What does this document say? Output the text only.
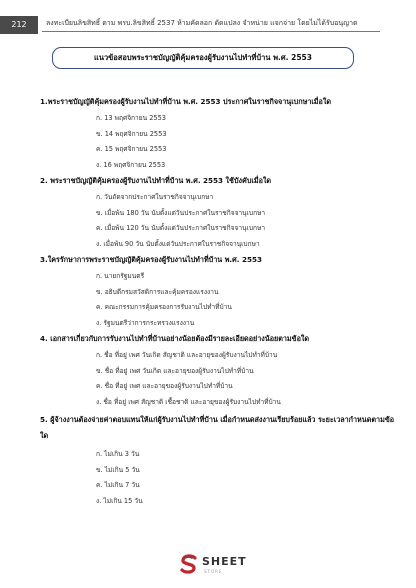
212	ลงทะเบียนลิขสิทธิ์ ตาม พรบ.ลิขสิทธิ์ 2537 ห้ามคัดลอก ดัดแปลง จำหน่าย แจกจ่าย โดยไม่ได้รับอนุญาต
แนวข้อสอบพระราชบัญญัติคุ้มครองผู้รับงานไปทำที่บ้าน พ.ศ. 2553
1.พระราชบัญญัติคุ้มครองผู้รับงานไปทำที่บ้าน พ.ศ. 2553 ประกาศในราชกิจจานุเบกษาเมื่อใด
ก. 13 พฤศจิกายน 2553
ข. 14 พฤศจิกายน 2553
ค. 15 พฤศจิกายน 2553
ง. 16 พฤศจิกายน 2553
2. พระราชบัญญัติคุ้มครองผู้รับงานไปทำที่บ้าน พ.ศ. 2553 ใช้บังคับเมื่อใด
ก. วันถัดจากประกาศในราชกิจจานุเบกษา
ข. เมื่อพ้น 180 วัน นับตั้งแต่วันประกาศในราชกิจจานุเบกษา
ค. เมื่อพ้น 120 วัน นับตั้งแต่วันประกาศในราชกิจจานุเบกษา
ง. เมื่อพ้น 90 วัน นับตั้งแต่วันประกาศในราชกิจจานุเบกษา
3.ใครรักษาการพระราชบัญญัติคุ้มครองผู้รับงานไปทำที่บ้าน พ.ศ. 2553
ก. นายกรัฐมนตรี
ข. อธิบดีกรมสวัสดิการและคุ้มครองแรงงาน
ค. คณะกรรมการคุ้มครองการรับงานไปทำที่บ้าน
ง. รัฐมนตรีว่าการกระทรวงแรงงาน
4. เอกสารเกี่ยวกับการรับงานไปทำที่บ้านอย่างน้อยต้องมีรายละเอียดอย่างน้อยตามข้อใด
ก. ชื่อ ที่อยู่ เพศ วันเกิด สัญชาติ และอายุของผู้รับงานไปทำที่บ้าน
ข. ชื่อ ที่อยู่ เพศ วันเกิด และอายุของผู้รับงานไปทำที่บ้าน
ค. ชื่อ ที่อยู่ เพศ และอายุของผู้รับงานไปทำที่บ้าน
ง. ชื่อ ที่อยู่ เพศ สัญชาติ เชื้อชาติ และอายุของผู้รับงานไปทำที่บ้าน
5. ผู้จ้างงานต้องจ่ายค่าตอบแทนให้แก่ผู้รับงานไปทำที่บ้าน เมื่อกำหนดส่งงานเรียบร้อยแล้ว ระยะเวลากำหนดตามข้อใด
ก. ไม่เกิน 3 วัน
ข. ไม่เกิน 5 วัน
ค. ไม่เกิน 7 วัน
ง. ไม่เกิน 15 วัน
SHEET
STORE
